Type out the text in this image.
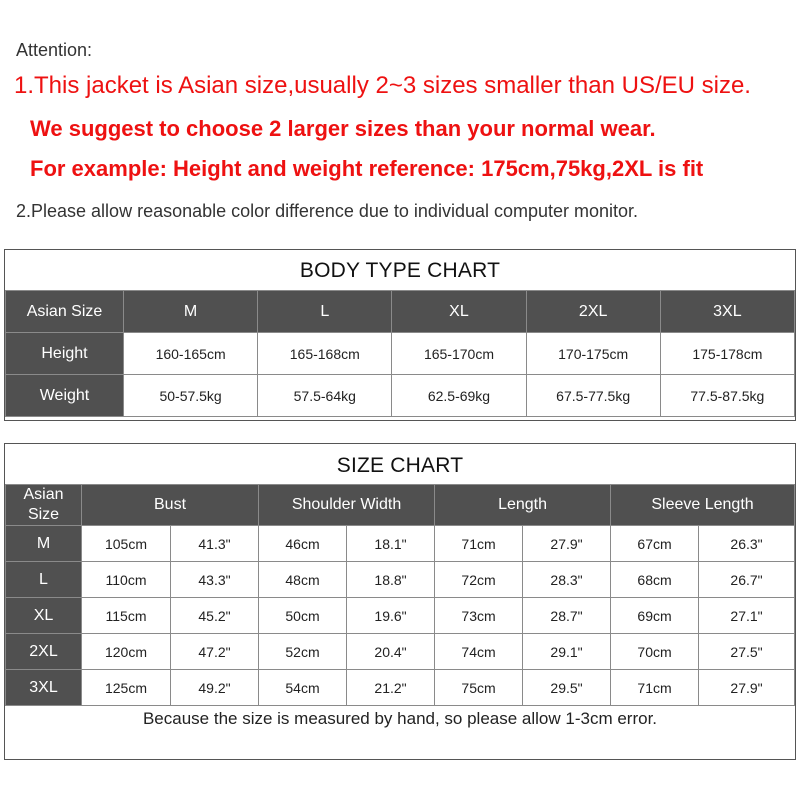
Attention:
1.This jacket is Asian size,usually 2~3 sizes smaller than US/EU size.
We suggest to choose 2 larger sizes than your normal wear.
For example: Height and weight reference: 175cm,75kg,2XL is fit
2.Please allow reasonable color difference due to individual computer monitor.
BODY TYPE CHART
Asian Size	M	L	XL	2XL	3XL
Height	160-165cm	165-168cm	165-170cm	170-175cm	175-178cm
Weight	50-57.5kg	57.5-64kg	62.5-69kg	67.5-77.5kg	77.5-87.5kg
SIZE CHART
Asian Size	Bust		Shoulder Width		Length		Sleeve Length	
M	105cm	41.3"	46cm	18.1"	71cm	27.9"	67cm	26.3"
L	110cm	43.3"	48cm	18.8"	72cm	28.3"	68cm	26.7"
XL	115cm	45.2"	50cm	19.6"	73cm	28.7"	69cm	27.1"
2XL	120cm	47.2"	52cm	20.4"	74cm	29.1"	70cm	27.5"
3XL	125cm	49.2"	54cm	21.2"	75cm	29.5"	71cm	27.9"
Because the size is measured by hand, so please allow 1-3cm error.
